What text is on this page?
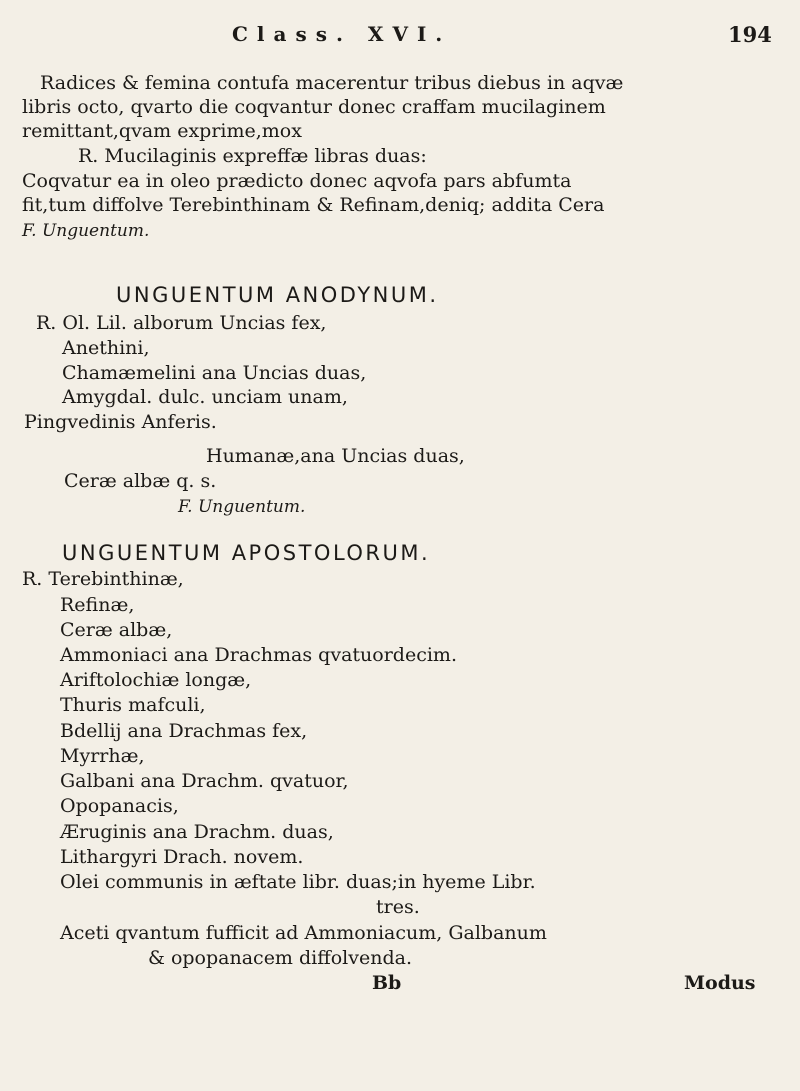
Class. XVI.	194
Radices & femina contufa macerentur tribus diebus in aqvæ
libris octo, qvarto die coqvantur donec craffam mucilaginem
remittant,qvam exprime,mox
R. Mucilaginis expreffæ libras duas:
Coqvatur ea in oleo prædicto donec aqvofa pars abfumta
fit,tum diffolve Terebinthinam & Refinam,deniq; addita Cera
F. Unguentum.
UNGUENTUM ANODYNUM.
R. Ol. Lil. alborum Uncias fex,
Anethini,
Chamæmelini ana Uncias duas,
Amygdal. dulc. unciam unam,
Pingvedinis Anferis.
Humanæ,ana Uncias duas,
Ceræ albæ q. s.
F. Unguentum.
UNGUENTUM APOSTOLORUM.
R. Terebinthinæ,
Refinæ,
Ceræ albæ,
Ammoniaci ana Drachmas qvatuordecim.
Ariftolochiæ longæ,
Thuris mafculi,
Bdellij ana Drachmas fex,
Myrrhæ,
Galbani ana Drachm. qvatuor,
Opopanacis,
Æruginis ana Drachm. duas,
Lithargyri Drach. novem.
Olei communis in æftate libr. duas;in hyeme Libr.
tres.
Aceti qvantum fufficit ad Ammoniacum, Galbanum
& opopanacem diffolvenda.
Bb	Modus
